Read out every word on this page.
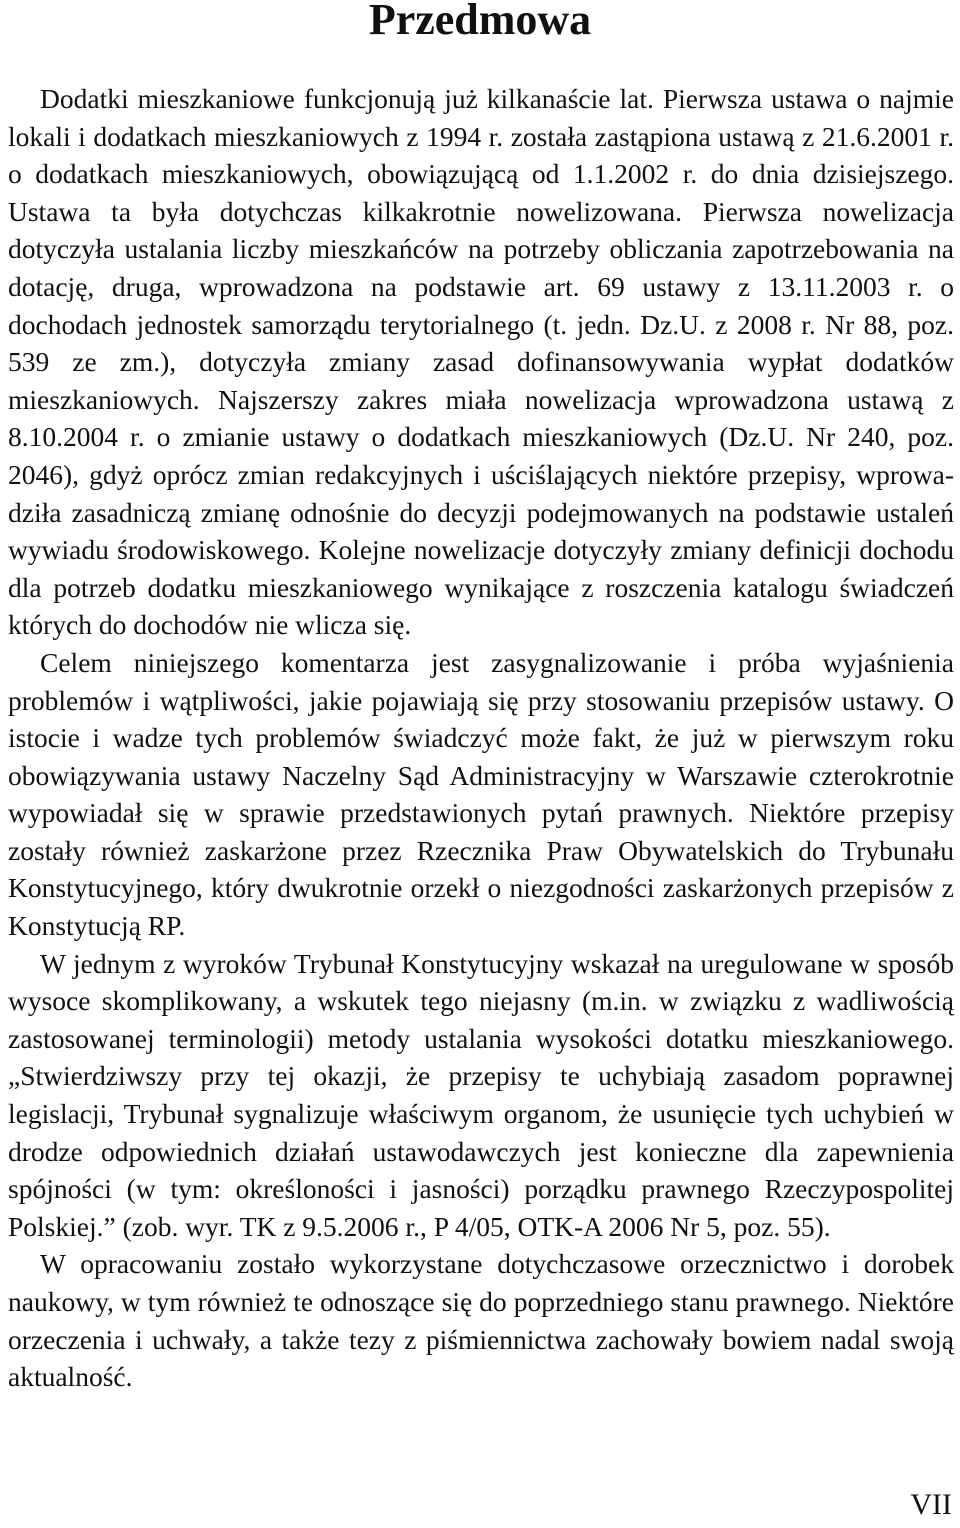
Przedmowa

Dodatki mieszkaniowe funkcjonują już kilkanaście lat. Pierwsza ustawa o najmie lokali i dodatkach mieszkaniowych z 1994 r. została zastąpiona ustawą z 21.6.2001 r. o dodatkach mieszkaniowych, obowiązującą od 1.1.2002 r. do dnia dzisiejszego. Ustawa ta była dotychczas kilkakrotnie nowelizowana. Pierwsza nowelizacja dotyczyła ustalania liczby mieszkańców na potrzeby obliczania zapotrzebowania na dotację, druga, wprowadzona na podstawie art. 69 ustawy z 13.11.2003 r. o dochodach jednostek samorządu terytorialnego (t. jedn. Dz.U. z 2008 r. Nr 88, poz. 539 ze zm.), dotyczyła zmiany zasad dofinansowywania wypłat dodatków mieszkaniowych. Najszerszy zakres miała nowelizacja wprowadzona ustawą z 8.10.2004 r. o zmianie ustawy o dodatkach mieszkaniowych (Dz.U. Nr 240, poz. 2046), gdyż oprócz zmian redakcyjnych i uściślających niektóre przepisy, wprowadziła zasadniczą zmianę odnośnie do decyzji podejmowanych na podstawie ustaleń wywiadu środowiskowego. Kolejne nowelizacje dotyczyły zmiany definicji dochodu dla potrzeb dodatku mieszkaniowego wynikające z roszczenia katalogu świadczeń których do dochodów nie wlicza się.

Celem niniejszego komentarza jest zasygnalizowanie i próba wyjaśnienia problemów i wątpliwości, jakie pojawiają się przy stosowaniu przepisów ustawy. O istocie i wadze tych problemów świadczyć może fakt, że już w pierwszym roku obowiązywania ustawy Naczelny Sąd Administracyjny w Warszawie czterokrotnie wypowiadał się w sprawie przedstawionych pytań prawnych. Niektóre przepisy zostały również zaskarżone przez Rzecznika Praw Obywatelskich do Trybunału Konstytucyjnego, który dwukrotnie orzekł o niezgodności zaskarżonych przepisów z Konstytucją RP.

W jednym z wyroków Trybunał Konstytucyjny wskazał na uregulowane w sposób wysoce skomplikowany, a wskutek tego niejasny (m.in. w związku z wadliwością zastosowanej terminologii) metody ustalania wysokości dotatku mieszkaniowego. „Stwierdziwszy przy tej okazji, że przepisy te uchybiają zasadom poprawnej legislacji, Trybunał sygnalizuje właściwym organom, że usunięcie tych uchybień w drodze odpowiednich działań ustawodawczych jest konieczne dla zapewnienia spójności (w tym: określoności i jasności) porządku prawnego Rzeczypospolitej Polskiej.” (zob. wyr. TK z 9.5.2006 r., P 4/05, OTK-A 2006 Nr 5, poz. 55).

W opracowaniu zostało wykorzystane dotychczasowe orzecznictwo i dorobek naukowy, w tym również te odnoszące się do poprzedniego stanu prawnego. Niektóre orzeczenia i uchwały, a także tezy z piśmiennictwa zachowały bowiem nadal swoją aktualność.

VII
